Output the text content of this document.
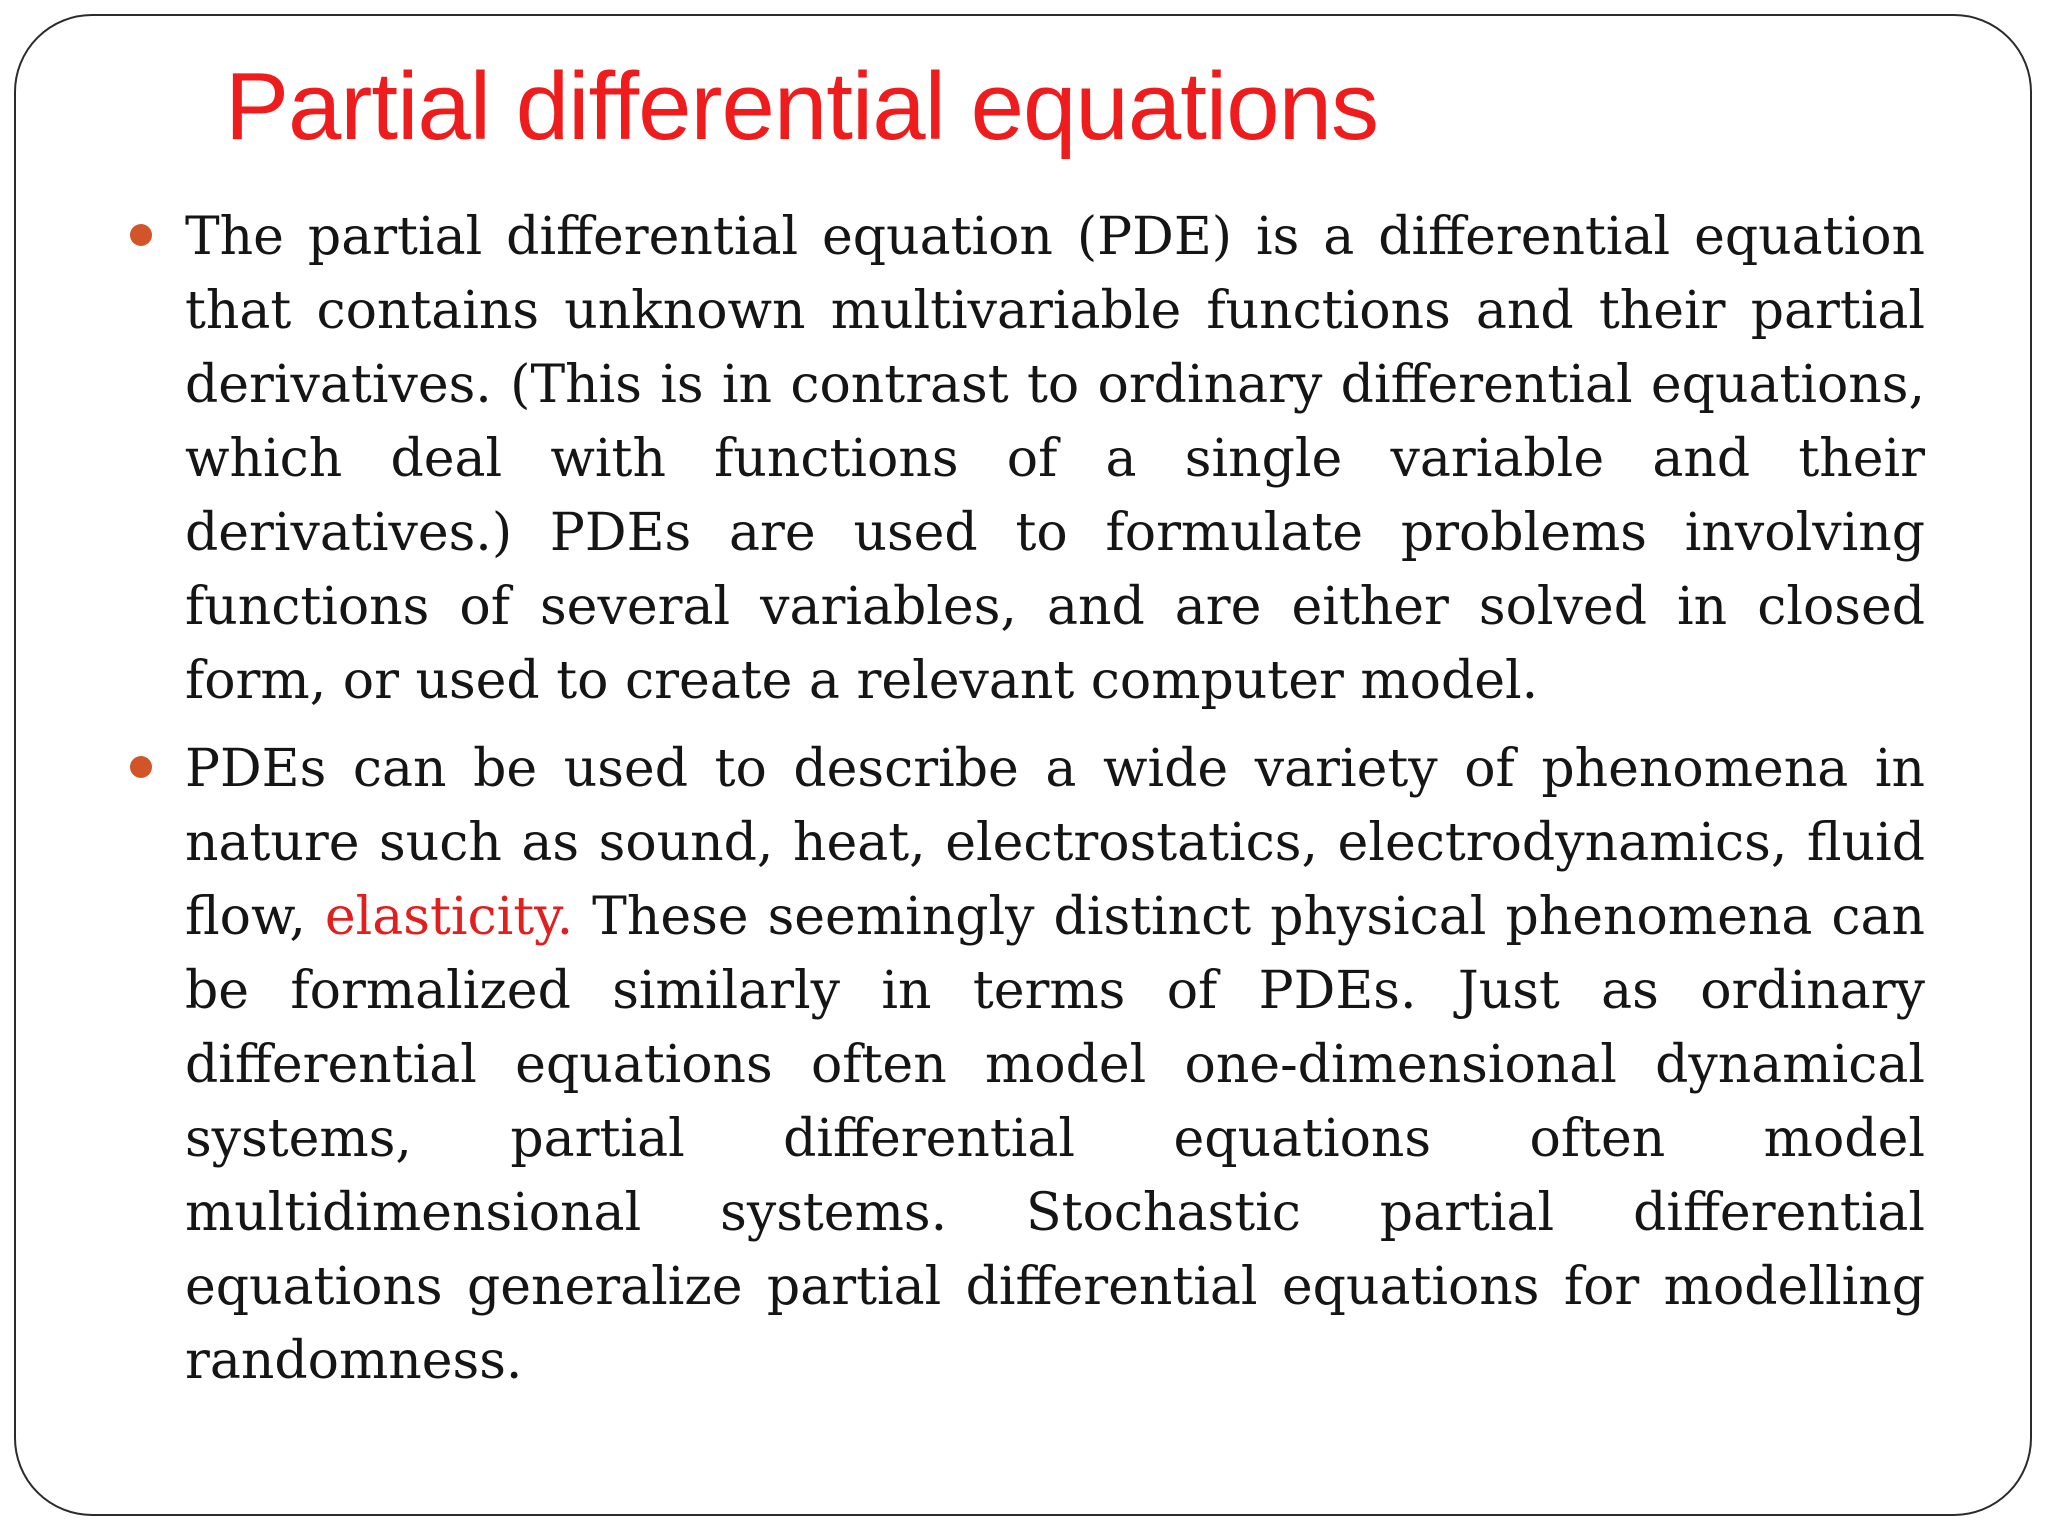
Partial differential equations
The partial differential equation (PDE) is a differential equation that contains unknown multivariable functions and their partial derivatives. (This is in contrast to ordinary differential equations, which deal with functions of a single variable and their derivatives.) PDEs are used to formulate problems involving functions of several variables, and are either solved in closed form, or used to create a relevant computer model.
PDEs can be used to describe a wide variety of phenomena in nature such as sound, heat, electrostatics, electrodynamics, fluid flow, elasticity. These seemingly distinct physical phenomena can be formalized similarly in terms of PDEs. Just as ordinary differential equations often model one-dimensional dynamical systems, partial differential equations often model multidimensional systems. Stochastic partial differential equations generalize partial differential equations for modelling randomness.
